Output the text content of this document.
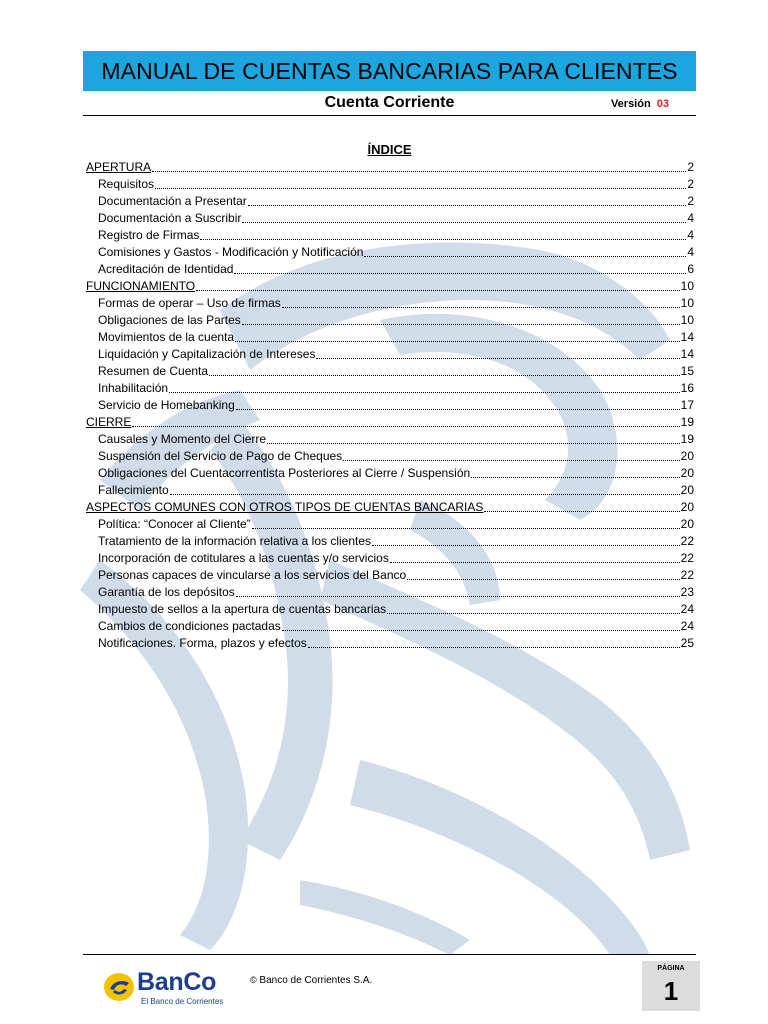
MANUAL DE CUENTAS BANCARIAS PARA CLIENTES
Cuenta Corriente	Versión 03
ÍNDICE
APERTURA	2
Requisitos	2
Documentación a Presentar	2
Documentación a Suscribir	4
Registro de Firmas	4
Comisiones y Gastos - Modificación y Notificación	4
Acreditación de Identidad	6
FUNCIONAMIENTO	10
Formas de operar – Uso de firmas	10
Obligaciones de las Partes	10
Movimientos de la cuenta	14
Liquidación y Capitalización de Intereses	14
Resumen de Cuenta	15
Inhabilitación	16
Servicio de Homebanking	17
CIERRE	19
Causales y Momento del Cierre	19
Suspensión del Servicio de Pago de Cheques	20
Obligaciones del Cuentacorrentista Posteriores al Cierre / Suspensión	20
Fallecimiento	20
ASPECTOS COMUNES CON OTROS TIPOS DE CUENTAS BANCARIAS	20
Política: “Conocer al Cliente”	20
Tratamiento de la información relativa a los clientes	22
Incorporación de cotitulares a las cuentas y/o servicios	22
Personas capaces de vincularse a los servicios del Banco	22
Garantía de los depósitos	23
Impuesto de sellos a la apertura de cuentas bancarias	24
Cambios de condiciones pactadas	24
Notificaciones. Forma, plazos y efectos	25
BanCo
El Banco de Corrientes
© Banco de Corrientes S.A.
PÁGINA
1
